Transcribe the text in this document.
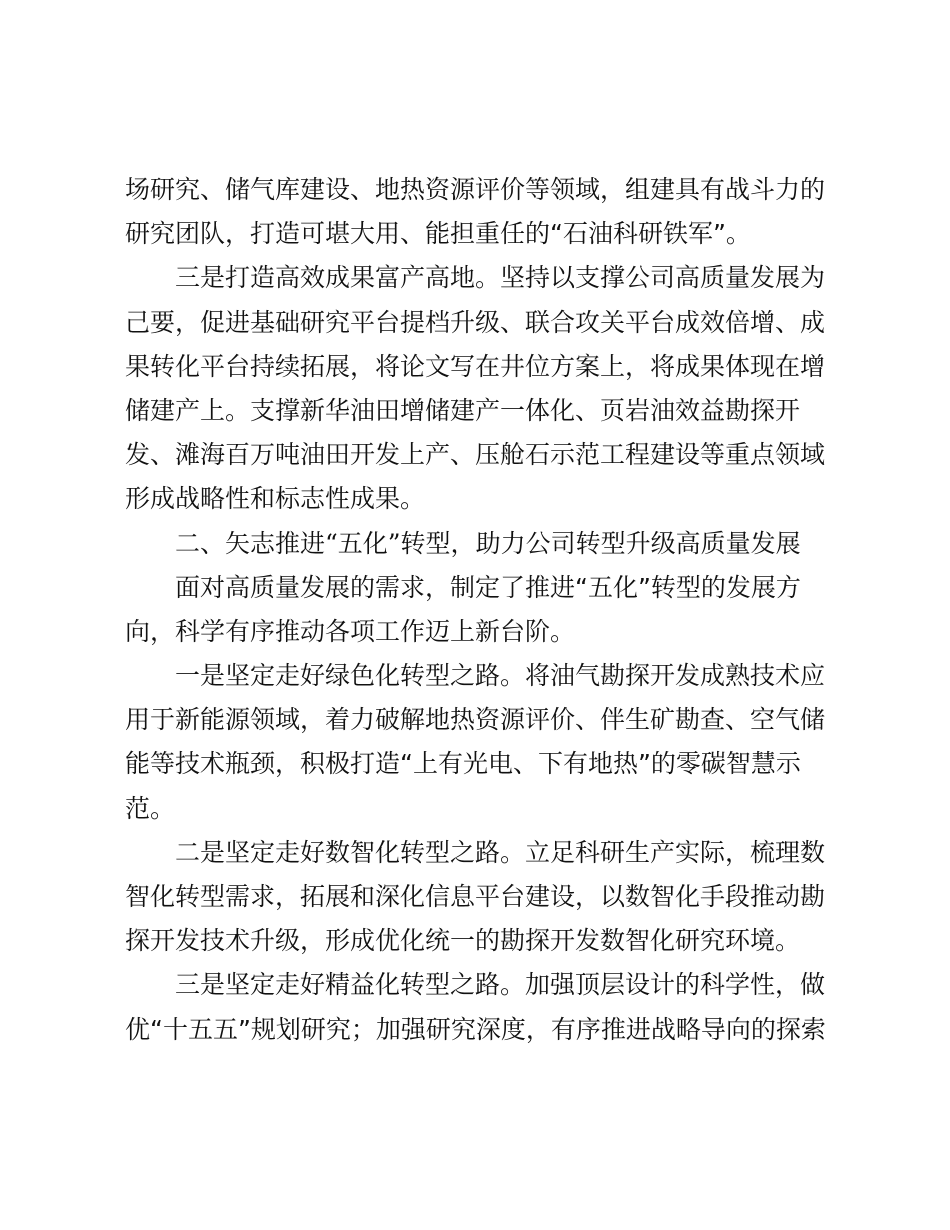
场研究、储气库建设、地热资源评价等领域，组建具有战斗力的
研究团队，打造可堪大用、能担重任的“石油科研铁军”。
三是打造高效成果富产高地。坚持以支撑公司高质量发展为
己要，促进基础研究平台提档升级、联合攻关平台成效倍增、成
果转化平台持续拓展，将论文写在井位方案上，将成果体现在增
储建产上。支撑新华油田增储建产一体化、页岩油效益勘探开
发、滩海百万吨油田开发上产、压舱石示范工程建设等重点领域
形成战略性和标志性成果。
二、矢志推进“五化”转型，助力公司转型升级高质量发展
面对高质量发展的需求，制定了推进“五化”转型的发展方
向，科学有序推动各项工作迈上新台阶。
一是坚定走好绿色化转型之路。将油气勘探开发成熟技术应
用于新能源领域，着力破解地热资源评价、伴生矿勘查、空气储
能等技术瓶颈，积极打造“上有光电、下有地热”的零碳智慧示
范。
二是坚定走好数智化转型之路。立足科研生产实际，梳理数
智化转型需求，拓展和深化信息平台建设，以数智化手段推动勘
探开发技术升级，形成优化统一的勘探开发数智化研究环境。
三是坚定走好精益化转型之路。加强顶层设计的科学性，做
优“十五五”规划研究；加强研究深度，有序推进战略导向的探索
